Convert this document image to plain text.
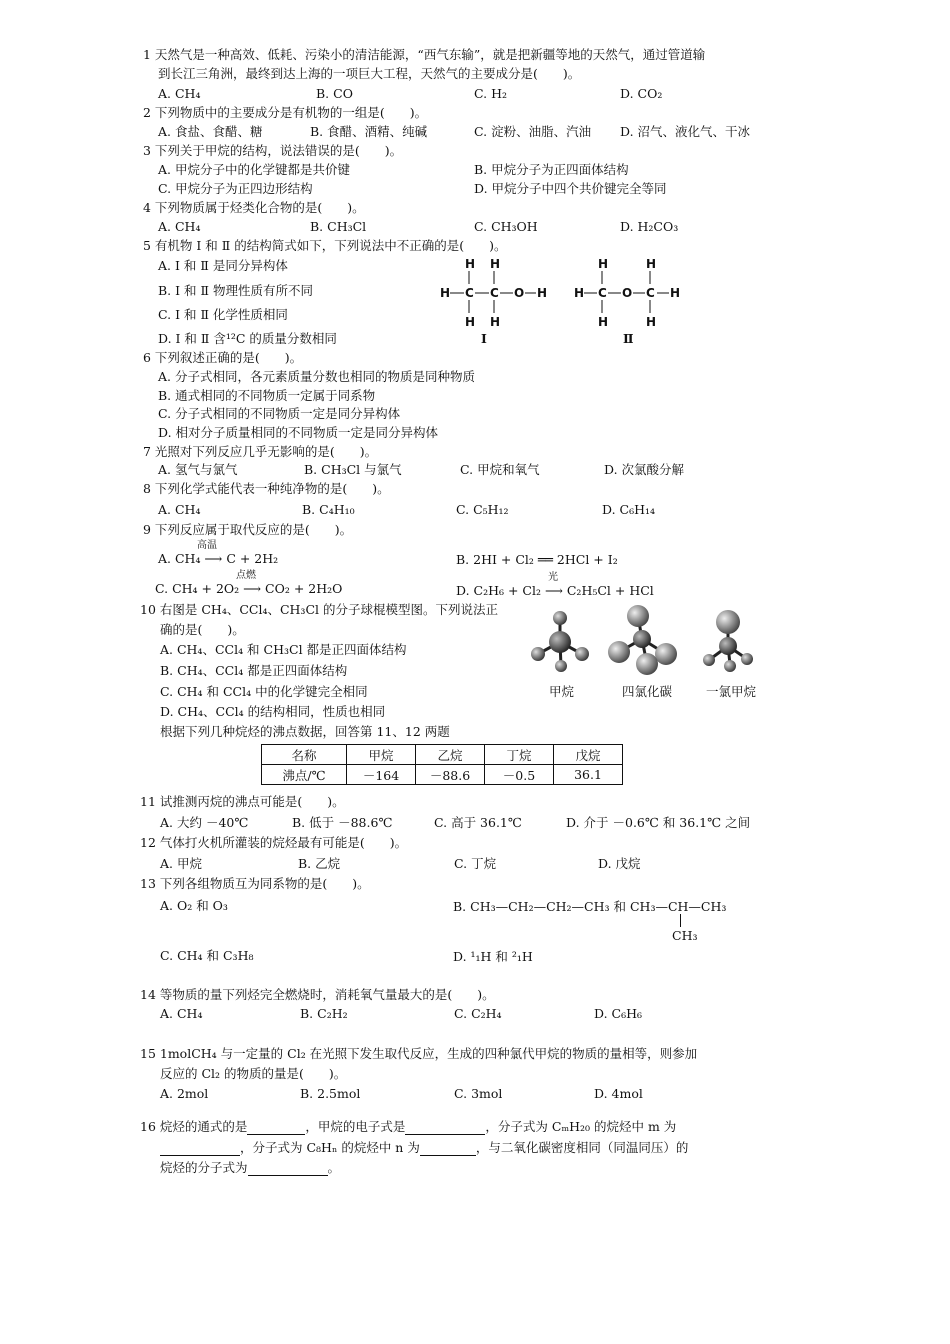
1 天然气是一种高效、低耗、污染小的清洁能源，“西气东输”，就是把新疆等地的天然气，通过管道输
到长江三角洲，最终到达上海的一项巨大工程，天然气的主要成分是(　　)。
A. CH₄	B. CO	C. H₂	D. CO₂
2 下列物质中的主要成分是有机物的一组是(　　)。
A. 食盐、食醋、糖	B. 食醋、酒精、纯碱	C. 淀粉、油脂、汽油 D. 沼气、液化气、干冰
3 下列关于甲烷的结构，说法错误的是(　　)。
A. 甲烷分子中的化学键都是共价键	B. 甲烷分子为正四面体结构
C. 甲烷分子为正四边形结构	D. 甲烷分子中四个共价键完全等同
4 下列物质属于烃类化合物的是(　　)。
A. CH₄	B. CH₃Cl	C. CH₃OH	D. H₂CO₃
5 有机物 Ⅰ 和 Ⅱ 的结构简式如下，下列说法中不正确的是(　　)。
A. Ⅰ 和 Ⅱ 是同分异构体
B. Ⅰ 和 Ⅱ 物理性质有所不同
C. Ⅰ 和 Ⅱ 化学性质相同
D. Ⅰ 和 Ⅱ 含¹²C 的质量分数相同
H H
H C C O H
H H
Ⅰ
H	H
H C O C H
H	H
Ⅱ
6 下列叙述正确的是(　　)。
A. 分子式相同，各元素质量分数也相同的物质是同种物质
B. 通式相同的不同物质一定属于同系物
C. 分子式相同的不同物质一定是同分异构体
D. 相对分子质量相同的不同物质一定是同分异构体
7 光照对下列反应几乎无影响的是(　　)。
A. 氢气与氯气	B. CH₃Cl 与氯气	C. 甲烷和氧气	D. 次氯酸分解
8 下列化学式能代表一种纯净物的是(　　)。
A. CH₄	B. C₄H₁₀	C. C₅H₁₂	D. C₆H₁₄
9 下列反应属于取代反应的是(　　)。
高温
A. CH₄ ⟶ C + 2H₂	B. 2HI + Cl₂ ══ 2HCl + I₂
点燃
C. CH₄ + 2O₂ ⟶ CO₂ + 2H₂O
光
D. C₂H₆ + Cl₂ ⟶ C₂H₅Cl + HCl
10 右图是 CH₄、CCl₄、CH₃Cl 的分子球棍模型图。下列说法正
确的是(　　)。
A. CH₄、CCl₄ 和 CH₃Cl 都是正四面体结构
B. CH₄、CCl₄ 都是正四面体结构
C. CH₄ 和 CCl₄ 中的化学键完全相同
D. CH₄、CCl₄ 的结构相同，性质也相同
根据下列几种烷烃的沸点数据，回答第 11、12 两题
甲烷	四氯化碳	一氯甲烷
名称	甲烷	乙烷	丁烷	戊烷
沸点/℃	－164	－88.6	－0.5	36.1
11 试推测丙烷的沸点可能是(　　)。
A. 大约 －40℃	B. 低于 －88.6℃	C. 高于 36.1℃	D. 介于 －0.6℃ 和 36.1℃ 之间
12 气体打火机所灌装的烷烃最有可能是(　　)。
A. 甲烷	B. 乙烷	C. 丁烷	D. 戊烷
13 下列各组物质互为同系物的是(　　)。
A. O₂ 和 O₃	B. CH₃—CH₂—CH₂—CH₃ 和 CH₃—CH—CH₃
CH₃
C. CH₄ 和 C₃H₈	D. ¹₁H 和 ²₁H
14 等物质的量下列烃完全燃烧时，消耗氧气量最大的是(　　)。
A. CH₄	B. C₂H₂	C. C₂H₄	D. C₆H₆
15 1molCH₄ 与一定量的 Cl₂ 在光照下发生取代反应，生成的四种氯代甲烷的物质的量相等，则参加
反应的 Cl₂ 的物质的量是(　　)。
A. 2mol	B. 2.5mol	C. 3mol	D. 4mol
16 烷烃的通式的是	，甲烷的电子式是	，分子式为 CₘH₂₀ 的烷烃中 m 为
，分子式为 C₈Hₙ 的烷烃中 n 为	，与二氧化碳密度相同（同温同压）的
烷烃的分子式为	。
